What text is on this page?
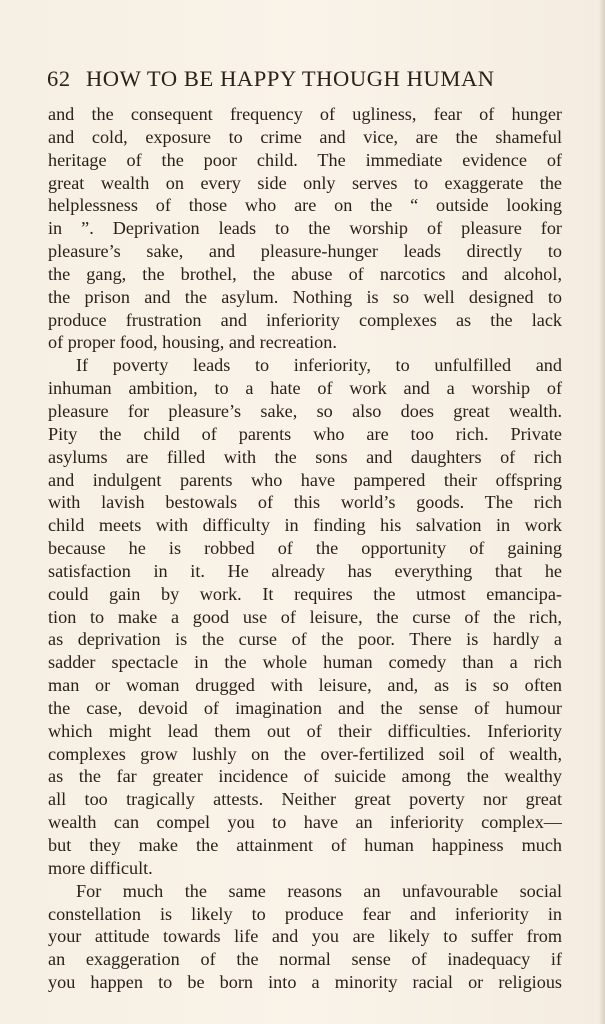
62 HOW TO BE HAPPY THOUGH HUMAN
and the consequent frequency of ugliness, fear of hunger
and cold, exposure to crime and vice, are the shameful
heritage of the poor child. The immediate evidence of
great wealth on every side only serves to exaggerate the
helplessness of those who are on the “ outside looking
in ”. Deprivation leads to the worship of pleasure for
pleasure’s sake, and pleasure-hunger leads directly to
the gang, the brothel, the abuse of narcotics and alcohol,
the prison and the asylum. Nothing is so well designed to
produce frustration and inferiority complexes as the lack
of proper food, housing, and recreation.
If poverty leads to inferiority, to unfulfilled and
inhuman ambition, to a hate of work and a worship of
pleasure for pleasure’s sake, so also does great wealth.
Pity the child of parents who are too rich. Private
asylums are filled with the sons and daughters of rich
and indulgent parents who have pampered their offspring
with lavish bestowals of this world’s goods. The rich
child meets with difficulty in finding his salvation in work
because he is robbed of the opportunity of gaining
satisfaction in it. He already has everything that he
could gain by work. It requires the utmost emancipa-
tion to make a good use of leisure, the curse of the rich,
as deprivation is the curse of the poor. There is hardly a
sadder spectacle in the whole human comedy than a rich
man or woman drugged with leisure, and, as is so often
the case, devoid of imagination and the sense of humour
which might lead them out of their difficulties. Inferiority
complexes grow lushly on the over-fertilized soil of wealth,
as the far greater incidence of suicide among the wealthy
all too tragically attests. Neither great poverty nor great
wealth can compel you to have an inferiority complex—
but they make the attainment of human happiness much
more difficult.
For much the same reasons an unfavourable social
constellation is likely to produce fear and inferiority in
your attitude towards life and you are likely to suffer from
an exaggeration of the normal sense of inadequacy if
you happen to be born into a minority racial or religious
